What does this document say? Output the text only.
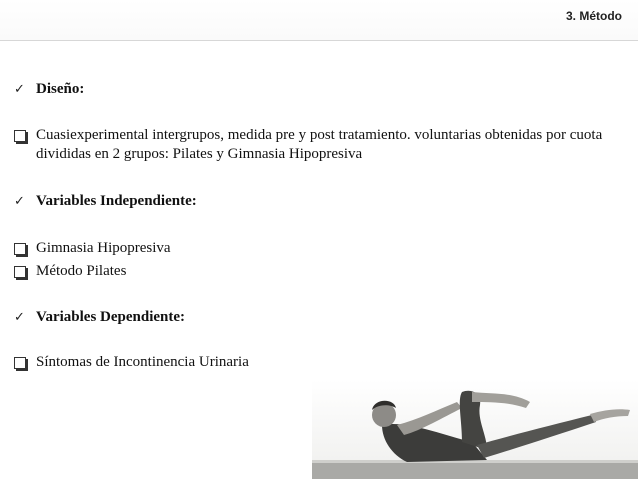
3. Método
✓ Diseño:
Cuasiexperimental intergrupos, medida pre y post tratamiento. voluntarias obtenidas por cuota divididas en 2 grupos: Pilates y Gimnasia Hipopresiva
✓ Variables Independiente:
Gimnasia Hipopresiva
Método Pilates
✓ Variables Dependiente:
Síntomas de Incontinencia Urinaria
